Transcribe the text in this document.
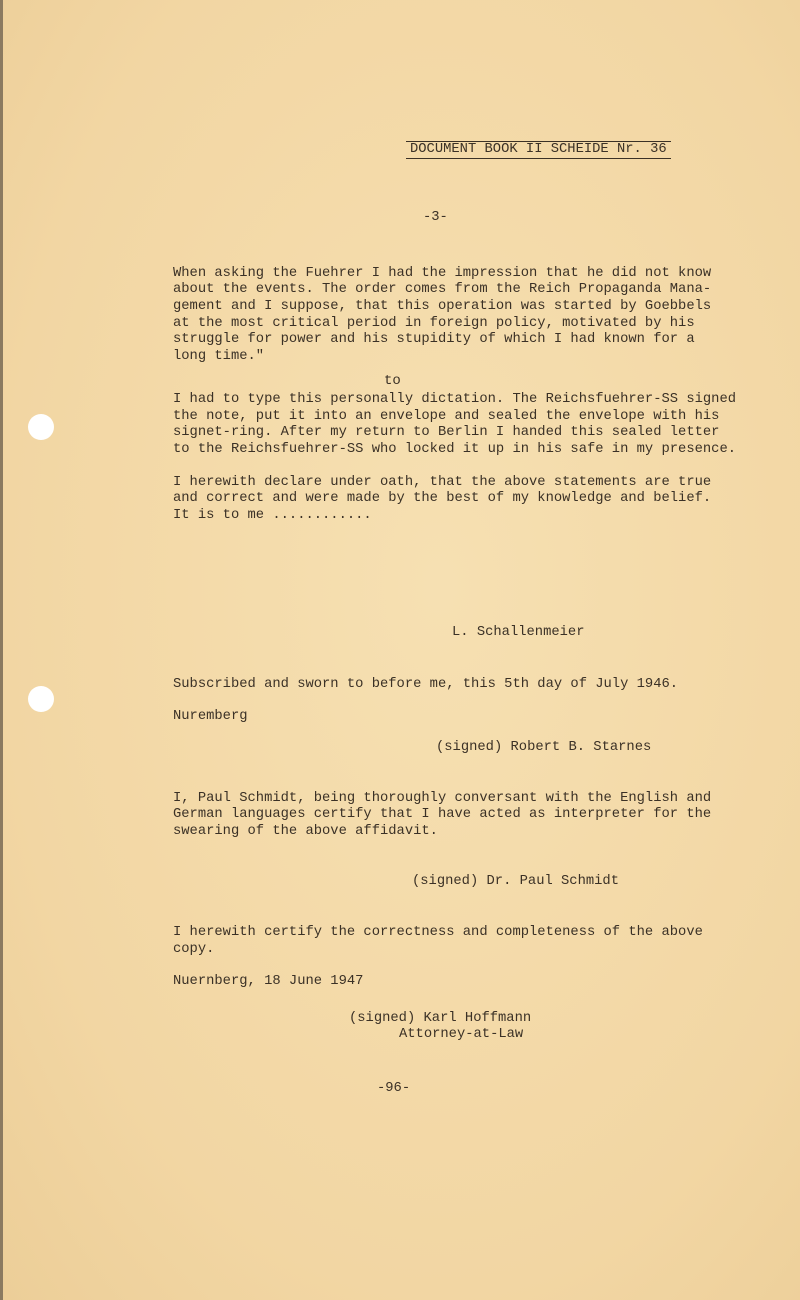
DOCUMENT BOOK II SCHEIDE Nr. 36
-3-
When asking the Fuehrer I had the impression that he did not know
about the events. The order comes from the Reich Propaganda Mana-
gement and I suppose, that this operation was started by Goebbels
at the most critical period in foreign policy, motivated by his
struggle for power and his stupidity of which I had known for a
long time."
to
I had to type this personally dictation. The Reichsfuehrer-SS signed
the note, put it into an envelope and sealed the envelope with his
signet-ring. After my return to Berlin I handed this sealed letter
to the Reichsfuehrer-SS who locked it up in his safe in my presence.
I herewith declare under oath, that the above statements are true
and correct and were made by the best of my knowledge and belief.
It is to me ............
L. Schallenmeier
Subscribed and sworn to before me, this 5th day of July 1946.
Nuremberg
(signed) Robert B. Starnes
I, Paul Schmidt, being thoroughly conversant with the English and
German languages certify that I have acted as interpreter for the
swearing of the above affidavit.
(signed) Dr. Paul Schmidt
I herewith certify the correctness and completeness of the above
copy.
Nuernberg, 18 June 1947
(signed) Karl Hoffmann
Attorney-at-Law
-96-
